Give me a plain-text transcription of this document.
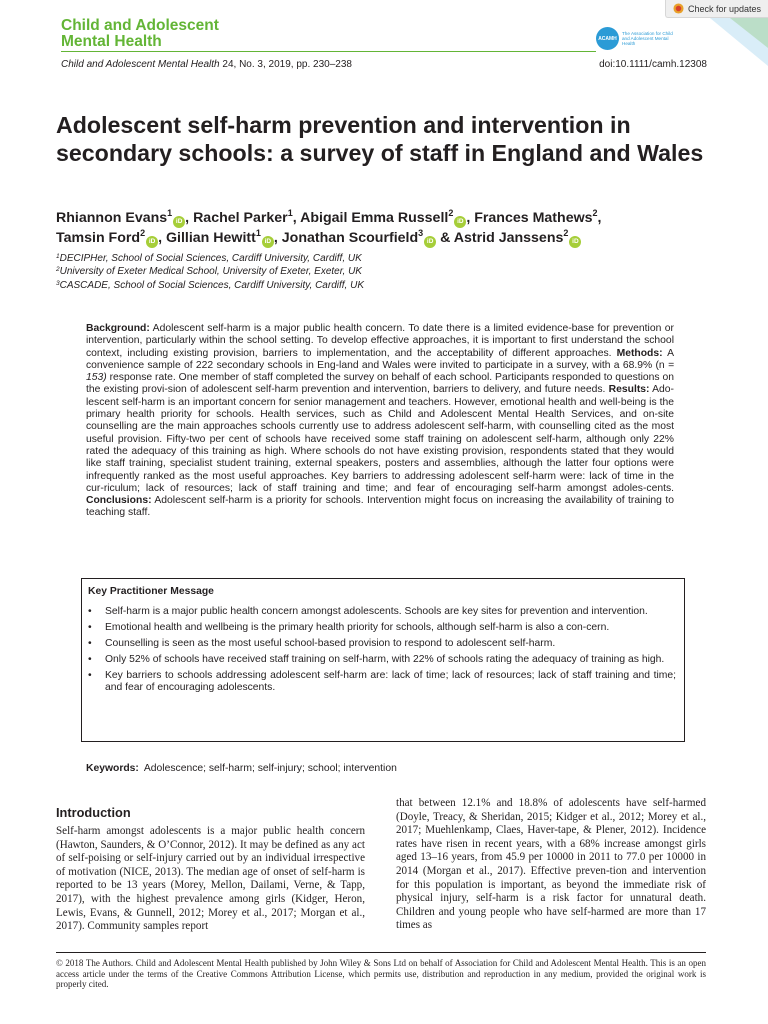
Child and Adolescent
Mental Health
Check for updates
ACAMH
The Association for Child and Adolescent Mental Health
Child and Adolescent Mental Health 24, No. 3, 2019, pp. 230–238	doi:10.1111/camh.12308
Adolescent self-harm prevention and intervention in secondary schools: a survey of staff in England and Wales
Rhiannon Evans$^1$iD , Rachel Parker$^1$, Abigail Emma Russell$^2$iD , Frances Mathews$^2$,
Tamsin Ford$^2$iD , Gillian Hewitt$^1$iD , Jonathan Scourfield$^3$iD & Astrid Janssens$^2$iD
$^1$DECIPHer, School of Social Sciences, Cardiff University, Cardiff, UK
$^2$University of Exeter Medical School, University of Exeter, Exeter, UK
$^3$CASCADE, School of Social Sciences, Cardiff University, Cardiff, UK
Background: Adolescent self-harm is a major public health concern. To date there is a limited evidence-base for prevention or intervention, particularly within the school setting. To develop effective approaches, it is important to first understand the school context, including existing provision, barriers to implementation, and the acceptability of different approaches. Methods: A convenience sample of 222 secondary schools in Eng-land and Wales were invited to participate in a survey, with a 68.9% (n = 153) response rate. One member of staff completed the survey on behalf of each school. Participants responded to questions on the existing provi-sion of adolescent self-harm prevention and intervention, barriers to delivery, and future needs. Results: Ado-lescent self-harm is an important concern for senior management and teachers. However, emotional health and well-being is the primary health priority for schools. Health services, such as Child and Adolescent Mental Health Services, and on-site counselling are the main approaches schools currently use to address adolescent self-harm, with counselling cited as the most useful provision. Fifty-two per cent of schools have received some staff training on adolescent self-harm, although only 22% rated the adequacy of this training as high. Where schools do not have existing provision, respondents stated that they would like staff training, specialist student training, external speakers, posters and assemblies, although the latter four options were infrequently ranked as the most useful approaches. Key barriers to addressing adolescent self-harm were: lack of time in the cur-riculum; lack of resources; lack of staff training and time; and fear of encouraging self-harm amongst adoles-cents. Conclusions: Adolescent self-harm is a priority for schools. Intervention might focus on increasing the availability of training to teaching staff.
Key Practitioner Message
• Self-harm is a major public health concern amongst adolescents. Schools are key sites for prevention and intervention.
• Emotional health and wellbeing is the primary health priority for schools, although self-harm is also a con-cern.
• Counselling is seen as the most useful school-based provision to respond to adolescent self-harm.
• Only 52% of schools have received staff training on self-harm, with 22% of schools rating the adequacy of training as high.
• Key barriers to schools addressing adolescent self-harm are: lack of time; lack of resources; lack of staff training and time; and fear of encouraging adolescents.
Keywords: Adolescence; self-harm; self-injury; school; intervention
Introduction

Self-harm amongst adolescents is a major public health concern (Hawton, Saunders, & O’Connor, 2012). It may be defined as any act of self-poising or self-injury carried out by an individual irrespective of motivation (NICE, 2013). The median age of onset of self-harm is reported to be 13 years (Morey, Mellon, Dailami, Verne, & Tapp, 2017), with the highest prevalence among girls (Kidger, Heron, Lewis, Evans, & Gunnell, 2012; Morey et al., 2017; Morgan et al., 2017). Community samples report

that between 12.1% and 18.8% of adolescents have self-harmed (Doyle, Treacy, & Sheridan, 2015; Kidger et al., 2012; Morey et al., 2017; Muehlenkamp, Claes, Haver-tape, & Plener, 2012). Incidence rates have risen in recent years, with a 68% increase amongst girls aged 13–16 years, from 45.9 per 10000 in 2011 to 77.0 per 10000 in 2014 (Morgan et al., 2017). Effective preven-tion and intervention for this population is important, as beyond the immediate risk of physical injury, self-harm is a risk factor for unnatural death. Children and young people who have self-harmed are more than 17 times as

© 2018 The Authors. Child and Adolescent Mental Health published by John Wiley & Sons Ltd on behalf of Association for Child and Adolescent Mental Health. This is an open access article under the terms of the Creative Commons Attribution License, which permits use, distribution and reproduction in any medium, provided the original work is properly cited.
